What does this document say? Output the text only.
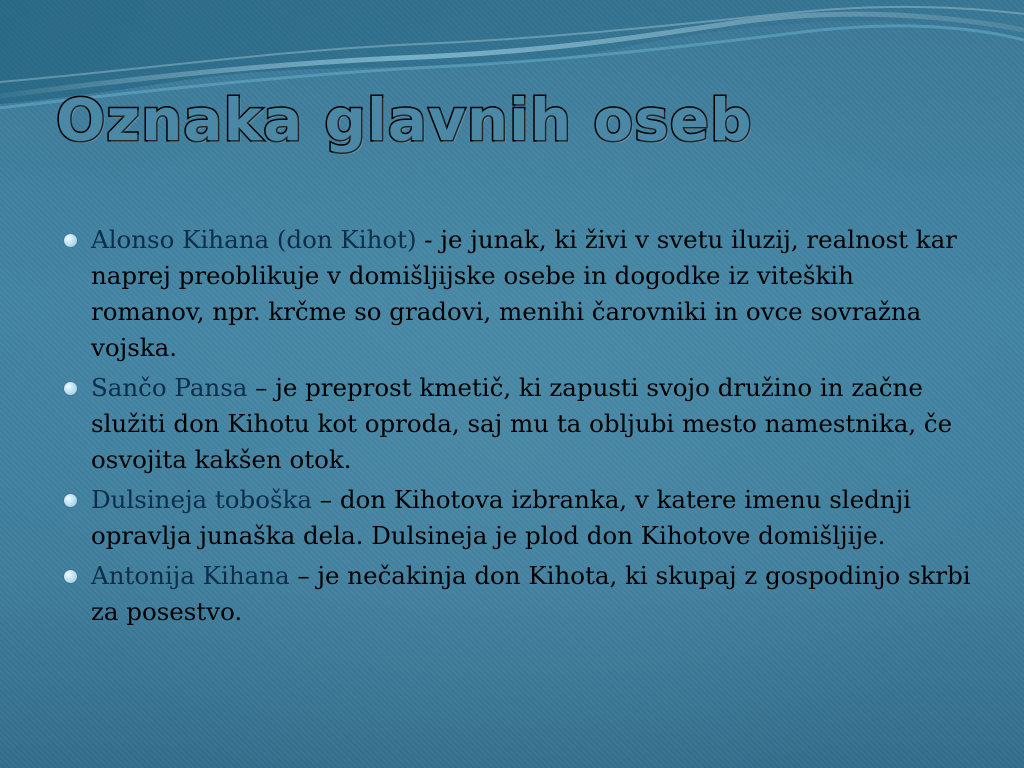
Oznaka glavnih oseb
Alonso Kihana (don Kihot) - je junak, ki živi v svetu iluzij, realnost kar naprej preoblikuje v domišljijske osebe in dogodke iz viteških romanov, npr. krčme so gradovi, menihi čarovniki in ovce sovražna vojska.
Sančo Pansa – je preprost kmetič, ki zapusti svojo družino in začne služiti don Kihotu kot oproda, saj mu ta obljubi mesto namestnika, če osvojita kakšen otok.
Dulsineja toboška – don Kihotova izbranka, v katere imenu slednji opravlja junaška dela. Dulsineja je plod don Kihotove domišljije.
Antonija Kihana – je nečakinja don Kihota, ki skupaj z gospodinjo skrbi za posestvo.
